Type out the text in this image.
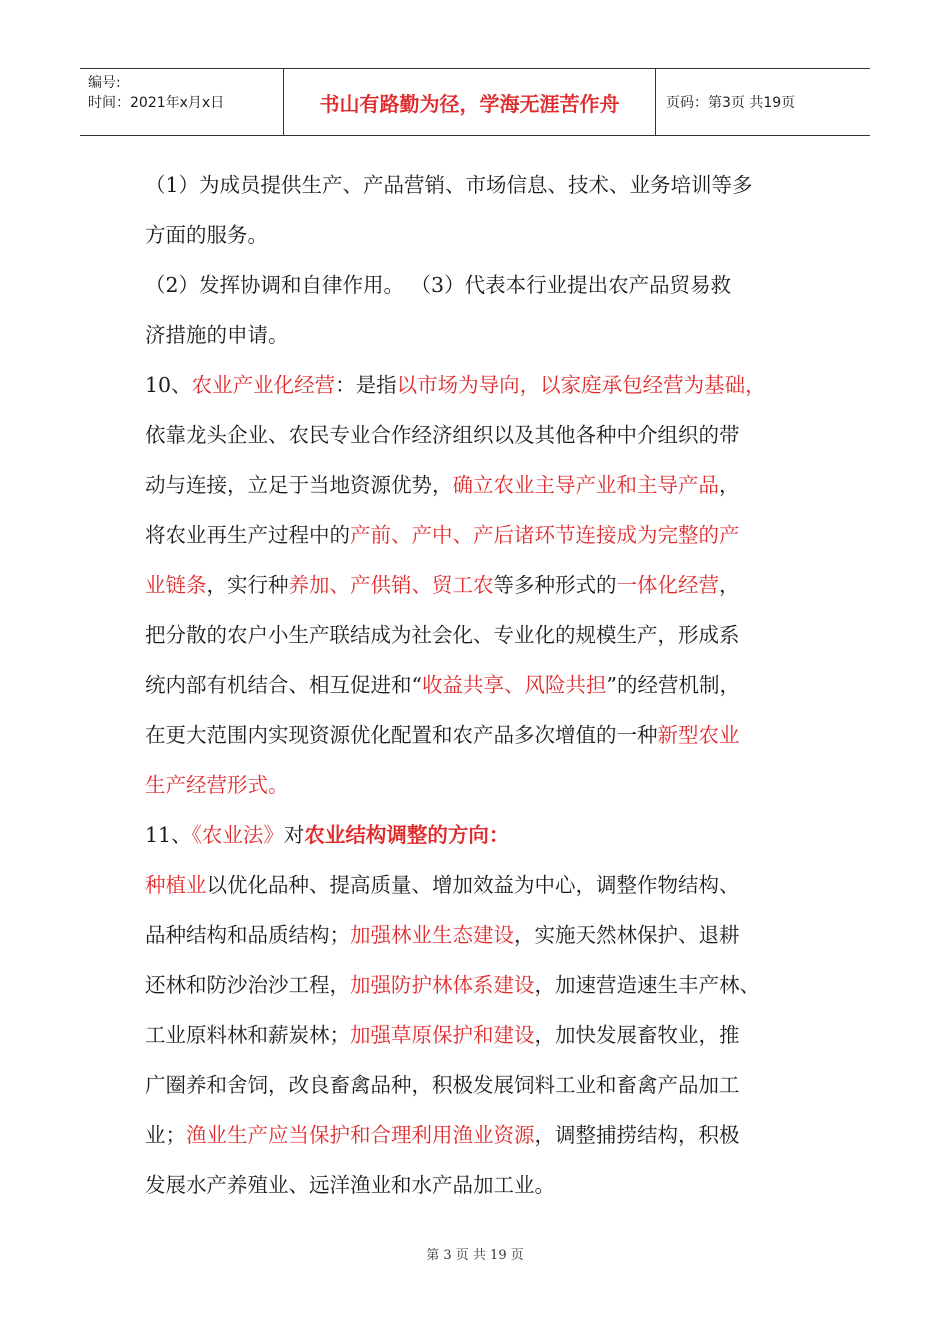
编号:
时间：2021年x月x日	书山有路勤为径，学海无涯苦作舟	页码：第3页 共19页

（1）为成员提供生产、产品营销、市场信息、技术、业务培训等多

方面的服务。

（2）发挥协调和自律作用。 （3）代表本行业提出农产品贸易救

济措施的申请。

10、农业产业化经营：是指以市场为导向，以家庭承包经营为基础，

依靠龙头企业、农民专业合作经济组织以及其他各种中介组织的带

动与连接，立足于当地资源优势，确立农业主导产业和主导产品，

将农业再生产过程中的产前、产中、产后诸环节连接成为完整的产

业链条，实行种养加、产供销、贸工农等多种形式的一体化经营，

把分散的农户小生产联结成为社会化、专业化的规模生产，形成系

统内部有机结合、相互促进和“收益共享、风险共担”的经营机制，

在更大范围内实现资源优化配置和农产品多次增值的一种新型农业

生产经营形式。

11、《农业法》对农业结构调整的方向：

种植业以优化品种、提高质量、增加效益为中心，调整作物结构、

品种结构和品质结构；加强林业生态建设，实施天然林保护、退耕

还林和防沙治沙工程，加强防护林体系建设，加速营造速生丰产林、

工业原料林和薪炭林；加强草原保护和建设，加快发展畜牧业，推

广圈养和舍饲，改良畜禽品种，积极发展饲料工业和畜禽产品加工

业；渔业生产应当保护和合理利用渔业资源，调整捕捞结构，积极

发展水产养殖业、远洋渔业和水产品加工业。

第 3 页 共 19 页
